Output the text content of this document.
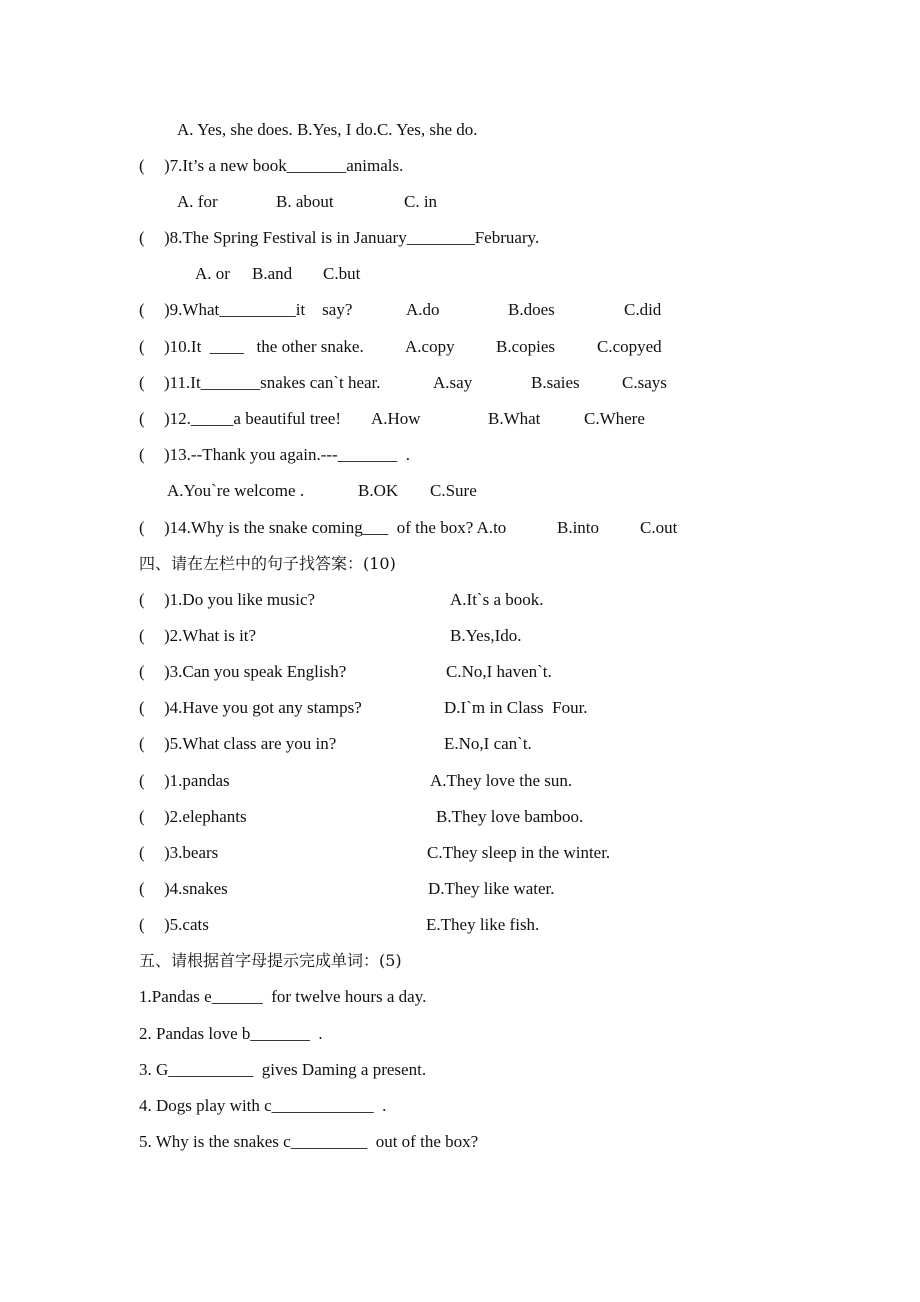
A. Yes, she does. B.Yes, I do.C. Yes, she do.
( )7.It’s a new book_______animals.
A. for	B. about	C. in
( )8.The Spring Festival is in January________February.
A. or B.and C.but
( )9.What_________it    say?	A.do	B.does	C.did
( )10.It  ____   the other snake. A.copy B.copies C.copyed
( )11.It_______snakes can`t hear.	A.say	B.saies C.says
( )12._____a beautiful tree! A.How	B.What	C.Where
( )13.--Thank you again.---_______  .
A.You`re welcome .	B.OK C.Sure
( )14.Why is the snake coming___  of the box? A.to	B.into C.out
四、请在左栏中的句子找答案：(10)
( )1.Do you like music?	A.It`s a book.
( )2.What is it?	B.Yes,Ido.
( )3.Can you speak English?	C.No,I haven`t.
( )4.Have you got any stamps?	D.I`m in Class  Four.
( )5.What class are you in?	E.No,I can`t.
( )1.pandas	A.They love the sun.
( )2.elephants	B.They love bamboo.
( )3.bears	C.They sleep in the winter.
( )4.snakes	D.They like water.
( )5.cats	E.They like fish.
五、请根据首字母提示完成单词：(5)
1.Pandas e______  for twelve hours a day.
2. Pandas love b_______  .
3. G__________  gives Daming a present.
4. Dogs play with c____________  .
5. Why is the snakes c_________  out of the box?
